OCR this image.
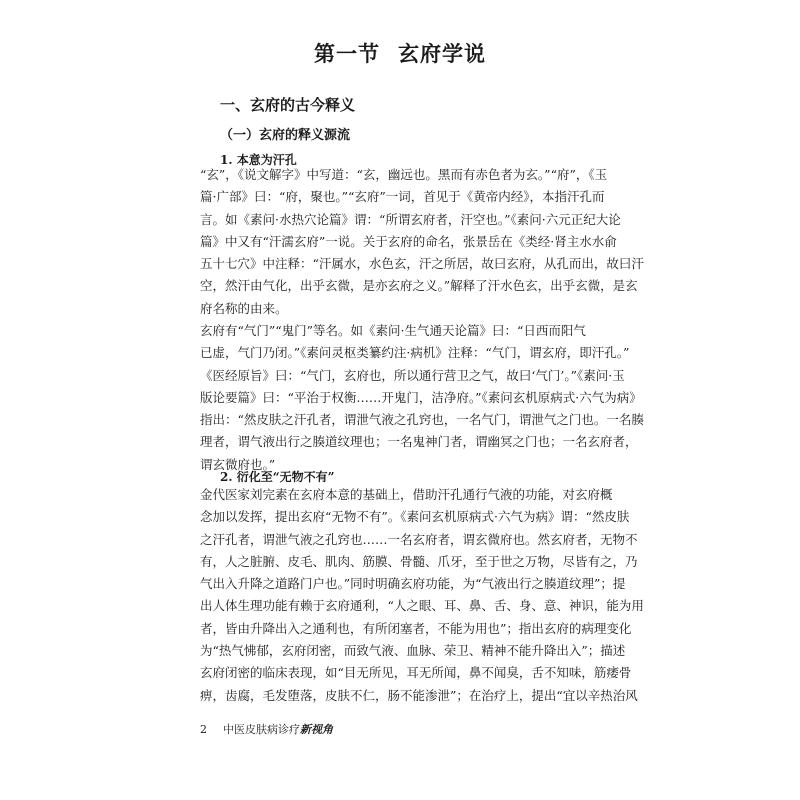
第一节 玄府学说
一、玄府的古今释义
（一）玄府的释义源流
1. 本意为汗孔
“玄”，《说文解字》中写道：“玄，幽远也。黑而有赤色者为玄。”“府”，《玉
篇·广部》曰：“府，聚也。”“玄府”一词，首见于《黄帝内经》，本指汗孔而
言。如《素问·水热穴论篇》谓：“所谓玄府者，汗空也。”《素问·六元正纪大论
篇》中又有“汗濡玄府”一说。关于玄府的命名，张景岳在《类经·肾主水水俞
五十七穴》中注释：“汗属水，水色玄，汗之所居，故曰玄府，从孔而出，故曰汗
空，然汗由气化，出乎玄微，是亦玄府之义。”解释了汗水色玄，出乎玄微，是玄
府名称的由来。
玄府有“气门”“鬼门”等名。如《素问·生气通天论篇》曰：“日西而阳气
已虚，气门乃闭。”《素问灵枢类纂约注·病机》注释：“气门，谓玄府，即汗孔。”
《医经原旨》曰：“气门，玄府也，所以通行营卫之气，故曰‘气门’。”《素问·玉
版论要篇》曰：“平治于权衡……开鬼门，洁净府。”《素问玄机原病式·六气为病》
指出：“然皮肤之汗孔者，谓泄气液之孔窍也，一名气门，谓泄气之门也。一名腠
理者，谓气液出行之腠道纹理也；一名鬼神门者，谓幽冥之门也；一名玄府者，
谓玄微府也。”
2. 衍化至“无物不有”
金代医家刘完素在玄府本意的基础上，借助汗孔通行气液的功能，对玄府概
念加以发挥，提出玄府“无物不有”。《素问玄机原病式·六气为病》谓：“然皮肤
之汗孔者，谓泄气液之孔窍也……一名玄府者，谓玄微府也。然玄府者，无物不
有，人之脏腑、皮毛、肌肉、筋膜、骨髓、爪牙，至于世之万物，尽皆有之，乃
气出入升降之道路门户也。”同时明确玄府功能，为“气液出行之腠道纹理”；提
出人体生理功能有赖于玄府通利，“人之眼、耳、鼻、舌、身、意、神识，能为用
者，皆由升降出入之通利也，有所闭塞者，不能为用也”；指出玄府的病理变化
为“热气怫郁，玄府闭密，而致气液、血脉、荣卫、精神不能升降出入”；描述
玄府闭密的临床表现，如“目无所见，耳无所闻，鼻不闻臭，舌不知味，筋痿骨
痹，齿腐，毛发堕落，皮肤不仁，肠不能渗泄”；在治疗上，提出“宜以辛热治风
2 中医皮肤病诊疗新视角
